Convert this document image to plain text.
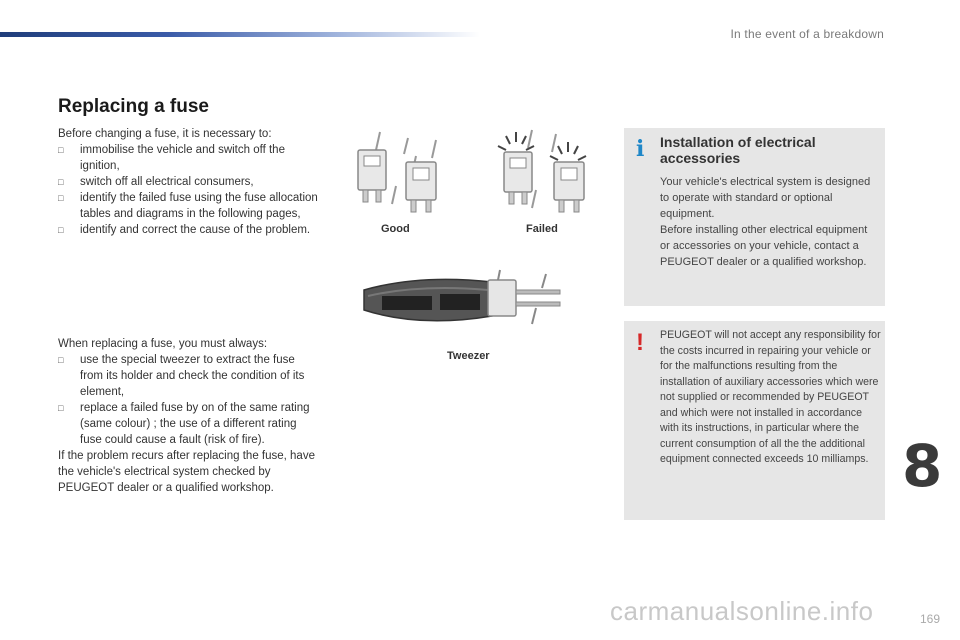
In the event of a breakdown
Replacing a fuse

Before changing a fuse, it is necessary to:

□ immobilise the vehicle and switch off the ignition,
□ switch off all electrical consumers,
□ identify the failed fuse using the fuse allocation tables and diagrams in the following pages,
□ identify and correct the cause of the problem.

When replacing a fuse, you must always:

□ use the special tweezer to extract the fuse from its holder and check the condition of its element,
□ replace a failed fuse by on of the same rating (same colour) ; the use of a different rating fuse could cause a fault (risk of fire).

If the problem recurs after replacing the fuse, have the vehicle's electrical system checked by PEUGEOT dealer or a qualified workshop.

Good	Failed
Tweezer
i Installation of electrical accessories

Your vehicle's electrical system is designed to operate with standard or optional equipment.

Before installing other electrical equipment or accessories on your vehicle, contact a PEUGEOT dealer or a qualified workshop.

! PEUGEOT will not accept any responsibility for the costs incurred in repairing your vehicle or for the malfunctions resulting from the installation of auxiliary accessories which were not supplied or recommended by PEUGEOT and which were not installed in accordance with its instructions, in particular where the current consumption of all the the additional equipment connected exceeds 10 milliamps. 8
carmanualsonline.info	169
